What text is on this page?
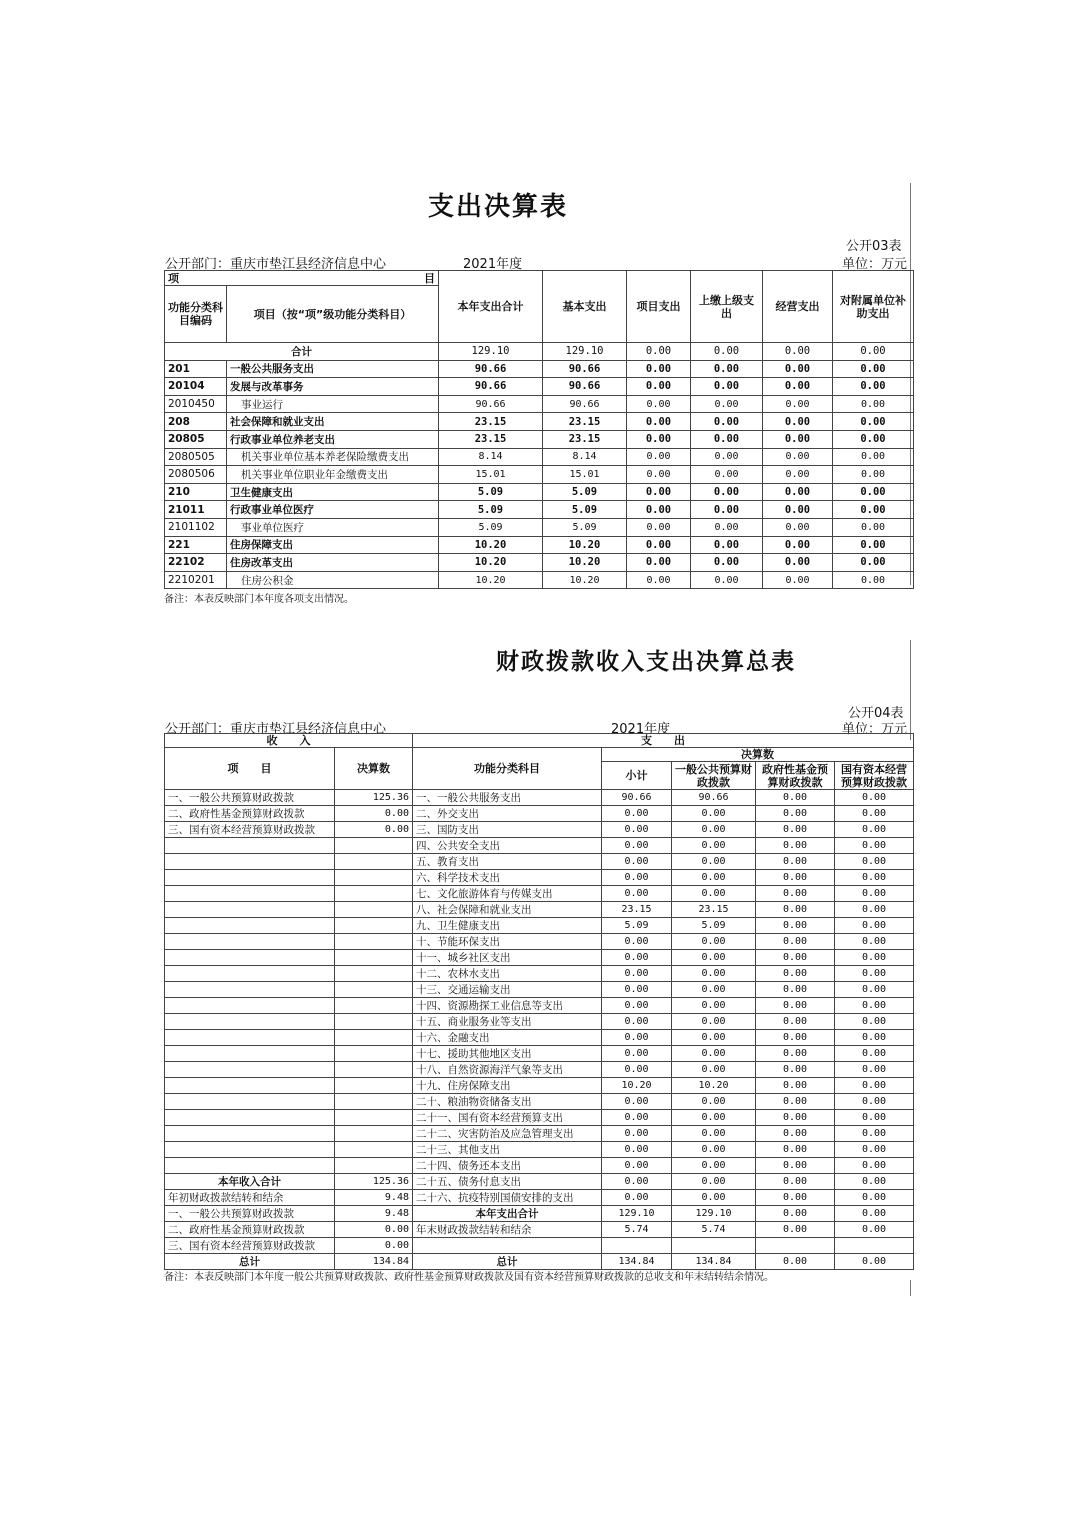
支出决算表
公开03表
公开部门：重庆市垫江县经济信息中心	2021年度	单位：万元
项 目		本年支出合计	基本支出	项目支出	上缴上级支出	经营支出	对附属单位补助支出
功能分类科目编码	项目（按“项”级功能分类科目）						
合计		129.10	129.10	0.00	0.00	0.00	0.00
201	一般公共服务支出	90.66	90.66	0.00	0.00	0.00	0.00
20104	发展与改革事务	90.66	90.66	0.00	0.00	0.00	0.00
2010450	事业运行	90.66	90.66	0.00	0.00	0.00	0.00
208	社会保障和就业支出	23.15	23.15	0.00	0.00	0.00	0.00
20805	行政事业单位养老支出	23.15	23.15	0.00	0.00	0.00	0.00
2080505	机关事业单位基本养老保险缴费支出	8.14	8.14	0.00	0.00	0.00	0.00
2080506	机关事业单位职业年金缴费支出	15.01	15.01	0.00	0.00	0.00	0.00
210	卫生健康支出	5.09	5.09	0.00	0.00	0.00	0.00
21011	行政事业单位医疗	5.09	5.09	0.00	0.00	0.00	0.00
2101102	事业单位医疗	5.09	5.09	0.00	0.00	0.00	0.00
221	住房保障支出	10.20	10.20	0.00	0.00	0.00	0.00
22102	住房改革支出	10.20	10.20	0.00	0.00	0.00	0.00
2210201	住房公积金	10.20	10.20	0.00	0.00	0.00	0.00
备注：本表反映部门本年度各项支出情况。
财政拨款收入支出决算总表
公开04表
公开部门：重庆市垫江县经济信息中心	2021年度	单位：万元
收　　入		支　　出				
项　　目	决算数	功能分类科目	决算数			
			小计	一般公共预算财政拨款	政府性基金预算财政拨款	国有资本经营预算财政拨款
一、一般公共预算财政拨款	125.36	一、一般公共服务支出	90.66	90.66	0.00	0.00
二、政府性基金预算财政拨款	0.00	二、外交支出	0.00	0.00	0.00	0.00
三、国有资本经营预算财政拨款	0.00	三、国防支出	0.00	0.00	0.00	0.00
		四、公共安全支出	0.00	0.00	0.00	0.00
		五、教育支出	0.00	0.00	0.00	0.00
		六、科学技术支出	0.00	0.00	0.00	0.00
		七、文化旅游体育与传媒支出	0.00	0.00	0.00	0.00
		八、社会保障和就业支出	23.15	23.15	0.00	0.00
		九、卫生健康支出	5.09	5.09	0.00	0.00
		十、节能环保支出	0.00	0.00	0.00	0.00
		十一、城乡社区支出	0.00	0.00	0.00	0.00
		十二、农林水支出	0.00	0.00	0.00	0.00
		十三、交通运输支出	0.00	0.00	0.00	0.00
		十四、资源勘探工业信息等支出	0.00	0.00	0.00	0.00
		十五、商业服务业等支出	0.00	0.00	0.00	0.00
		十六、金融支出	0.00	0.00	0.00	0.00
		十七、援助其他地区支出	0.00	0.00	0.00	0.00
		十八、自然资源海洋气象等支出	0.00	0.00	0.00	0.00
		十九、住房保障支出	10.20	10.20	0.00	0.00
		二十、粮油物资储备支出	0.00	0.00	0.00	0.00
		二十一、国有资本经营预算支出	0.00	0.00	0.00	0.00
		二十二、灾害防治及应急管理支出	0.00	0.00	0.00	0.00
		二十三、其他支出	0.00	0.00	0.00	0.00
		二十四、债务还本支出	0.00	0.00	0.00	0.00
本年收入合计	125.36	二十五、债务付息支出	0.00	0.00	0.00	0.00
年初财政拨款结转和结余	9.48	二十六、抗疫特别国债安排的支出	0.00	0.00	0.00	0.00
一、一般公共预算财政拨款	9.48	本年支出合计	129.10	129.10	0.00	0.00
二、政府性基金预算财政拨款	0.00	年末财政拨款结转和结余	5.74	5.74	0.00	0.00
三、国有资本经营预算财政拨款	0.00					
总计	134.84	总计	134.84	134.84	0.00	0.00
备注：本表反映部门本年度一般公共预算财政拨款、政府性基金预算财政拨款及国有资本经营预算财政拨款的总收支和年末结转结余情况。
